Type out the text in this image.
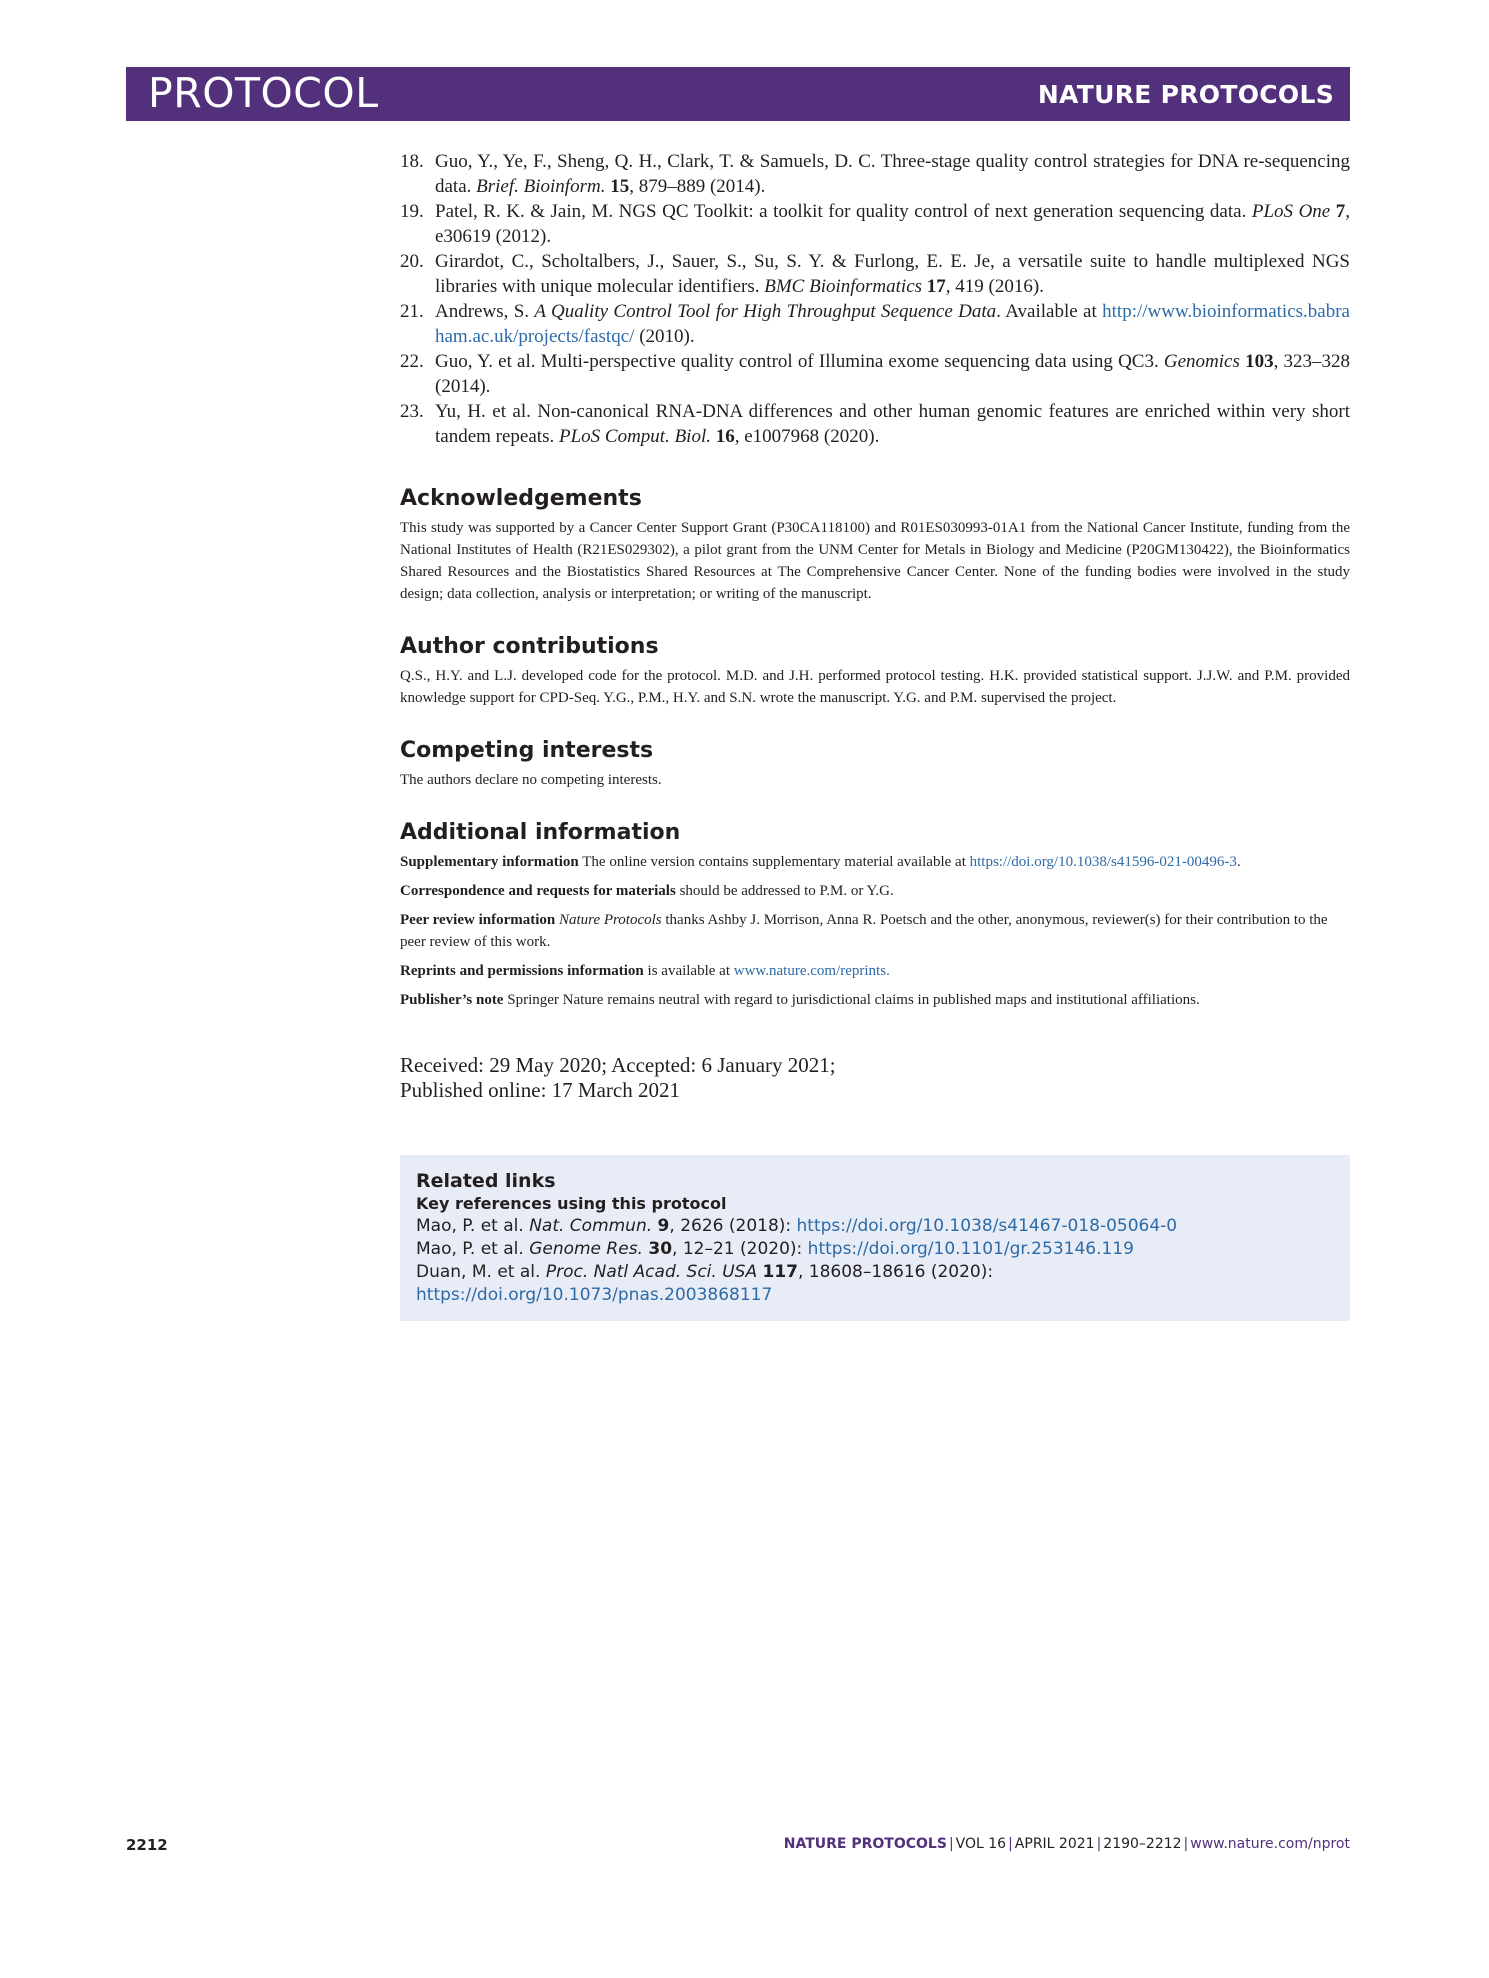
PROTOCOL	NATURE PROTOCOLS
18. Guo, Y., Ye, F., Sheng, Q. H., Clark, T. & Samuels, D. C. Three-stage quality control strategies for DNA re-sequencing data. Brief. Bioinform. 15, 879–889 (2014).
19. Patel, R. K. & Jain, M. NGS QC Toolkit: a toolkit for quality control of next generation sequencing data. PLoS One 7, e30619 (2012).
20. Girardot, C., Scholtalbers, J., Sauer, S., Su, S. Y. & Furlong, E. E. Je, a versatile suite to handle multiplexed NGS libraries with unique molecular identifiers. BMC Bioinformatics 17, 419 (2016).
21. Andrews, S. A Quality Control Tool for High Throughput Sequence Data. Available at http://www.bioinformatics.babraham.ac.uk/projects/fastqc/ (2010).
22. Guo, Y. et al. Multi-perspective quality control of Illumina exome sequencing data using QC3. Genomics 103, 323–328 (2014).
23. Yu, H. et al. Non-canonical RNA-DNA differences and other human genomic features are enriched within very short tandem repeats. PLoS Comput. Biol. 16, e1007968 (2020).
Acknowledgements

This study was supported by a Cancer Center Support Grant (P30CA118100) and R01ES030993-01A1 from the National Cancer Institute, funding from the National Institutes of Health (R21ES029302), a pilot grant from the UNM Center for Metals in Biology and Medicine (P20GM130422), the Bioinformatics Shared Resources and the Biostatistics Shared Resources at The Comprehensive Cancer Center. None of the funding bodies were involved in the study design; data collection, analysis or interpretation; or writing of the manuscript.

Author contributions

Q.S., H.Y. and L.J. developed code for the protocol. M.D. and J.H. performed protocol testing. H.K. provided statistical support. J.J.W. and P.M. provided knowledge support for CPD-Seq. Y.G., P.M., H.Y. and S.N. wrote the manuscript. Y.G. and P.M. supervised the project.

Competing interests

The authors declare no competing interests.

Additional information

Supplementary information The online version contains supplementary material available at https://doi.org/10.1038/s41596-021-00496-3.

Correspondence and requests for materials should be addressed to P.M. or Y.G.

Peer review information Nature Protocols thanks Ashby J. Morrison, Anna R. Poetsch and the other, anonymous, reviewer(s) for their contribution to the peer review of this work.

Reprints and permissions information is available at www.nature.com/reprints.

Publisher’s note Springer Nature remains neutral with regard to jurisdictional claims in published maps and institutional affiliations.

Received: 29 May 2020; Accepted: 6 January 2021;
Published online: 17 March 2021
Related links
Key references using this protocol
Mao, P. et al. Nat. Commun. 9, 2626 (2018): https://doi.org/10.1038/s41467-018-05064-0
Mao, P. et al. Genome Res. 30, 12–21 (2020): https://doi.org/10.1101/gr.253146.119
Duan, M. et al. Proc. Natl Acad. Sci. USA 117, 18608–18616 (2020): https://doi.org/10.1073/pnas.2003868117
2212	NATURE PROTOCOLS | VOL 16 | APRIL 2021 | 2190–2212 | www.nature.com/nprot
